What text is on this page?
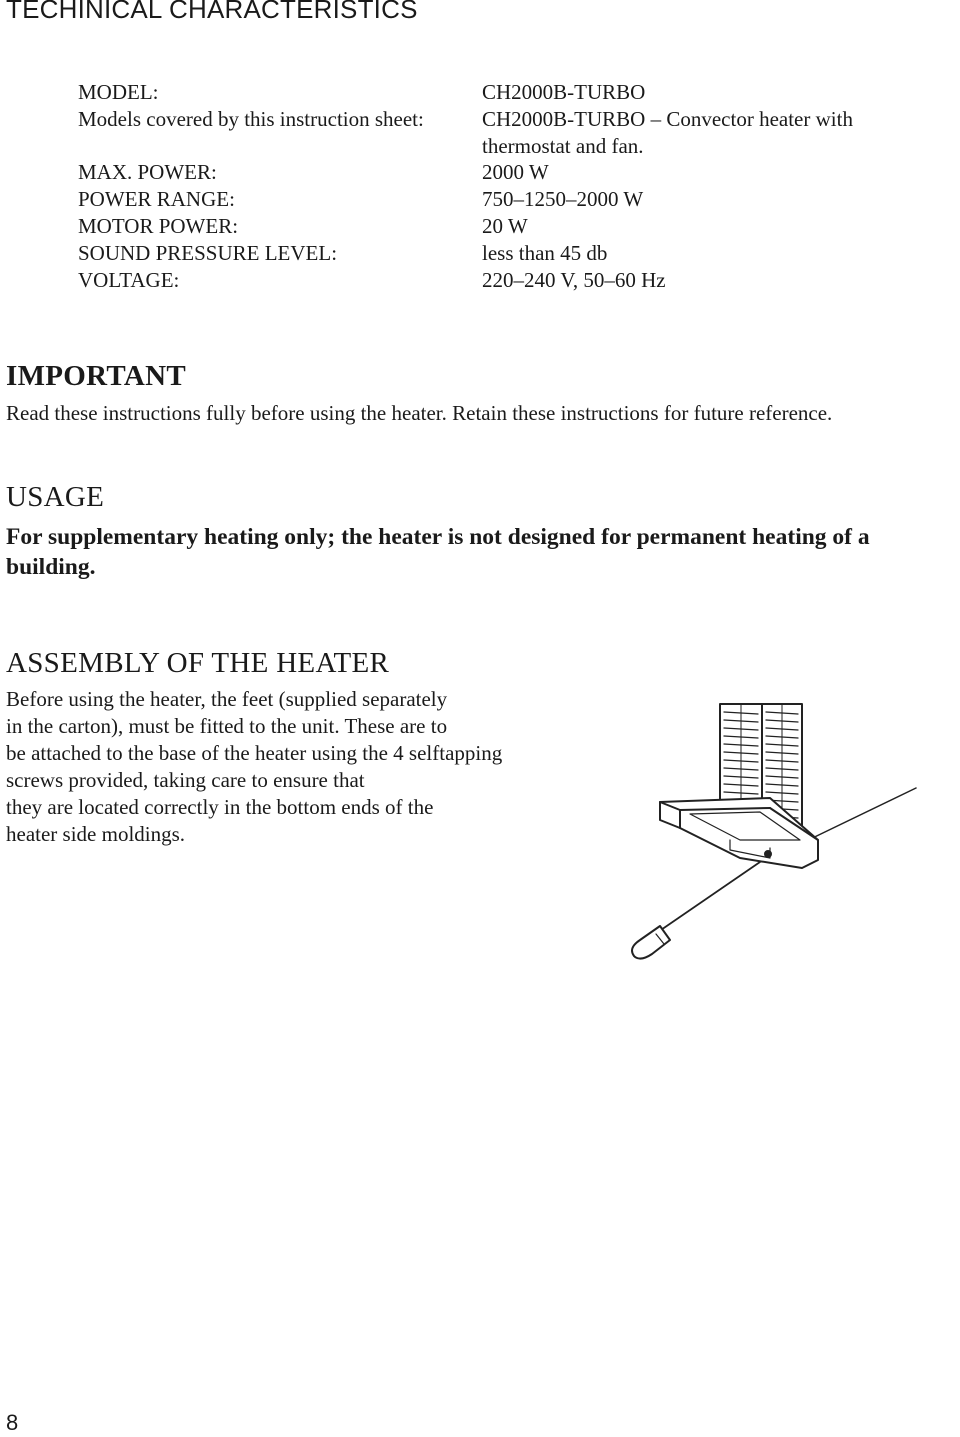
TECHINICAL CHARACTERISTICS
MODEL:	CH2000B-TURBO
Models covered by this instruction sheet:	CH2000B-TURBO – Convector heater with
thermostat and fan.
MAX. POWER:	2000 W
POWER RANGE:	750–1250–2000 W
MOTOR POWER:	20 W
SOUND PRESSURE LEVEL:	less than 45 db
VOLTAGE:	220–240 V, 50–60 Hz
IMPORTANT
Read these instructions fully before using the heater. Retain these instructions for future reference.
USAGE
For supplementary heating only; the heater is not designed for permanent heating of a building.
ASSEMBLY OF THE HEATER
Before using the heater, the feet (supplied separately
in the carton), must be fitted to the unit. These are to
be attached to the base of the heater using the 4 selftapping
screws provided, taking care to ensure that
they are located correctly in the bottom ends of the
heater side moldings.
8
